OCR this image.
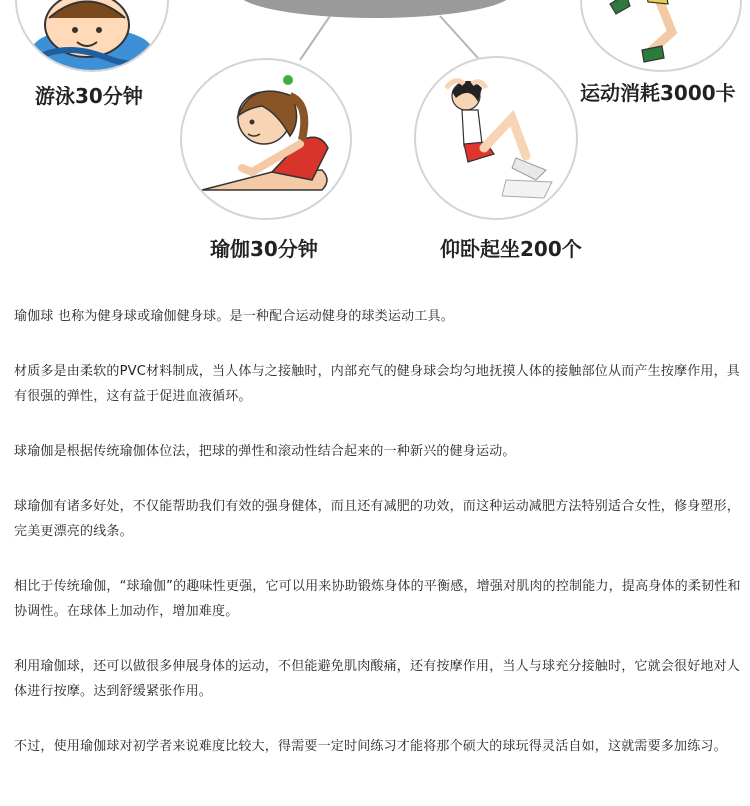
游泳30分钟
瑜伽30分钟	仰卧起坐200个
运动消耗3000卡

瑜伽球 也称为健身球或瑜伽健身球。是一种配合运动健身的球类运动工具。

材质多是由柔软的PVC材料制成，当人体与之接触时，内部充气的健身球会均匀地抚摸人体的接触部位从而产生按摩作用，具有很强的弹性，这有益于促进血液循环。

球瑜伽是根据传统瑜伽体位法，把球的弹性和滚动性结合起来的一种新兴的健身运动。

球瑜伽有诸多好处，不仅能帮助我们有效的强身健体，而且还有减肥的功效，而这种运动减肥方法特别适合女性，修身塑形，完美更漂亮的线条。

相比于传统瑜伽，“球瑜伽”的趣味性更强，它可以用来协助锻炼身体的平衡感，增强对肌肉的控制能力，提高身体的柔韧性和协调性。在球体上加动作，增加难度。

利用瑜伽球，还可以做很多伸展身体的运动，不但能避免肌肉酸痛，还有按摩作用，当人与球充分接触时，它就会很好地对人体进行按摩。达到舒缓紧张作用。

不过，使用瑜伽球对初学者来说难度比较大，得需要一定时间练习才能将那个硕大的球玩得灵活自如，这就需要多加练习。
